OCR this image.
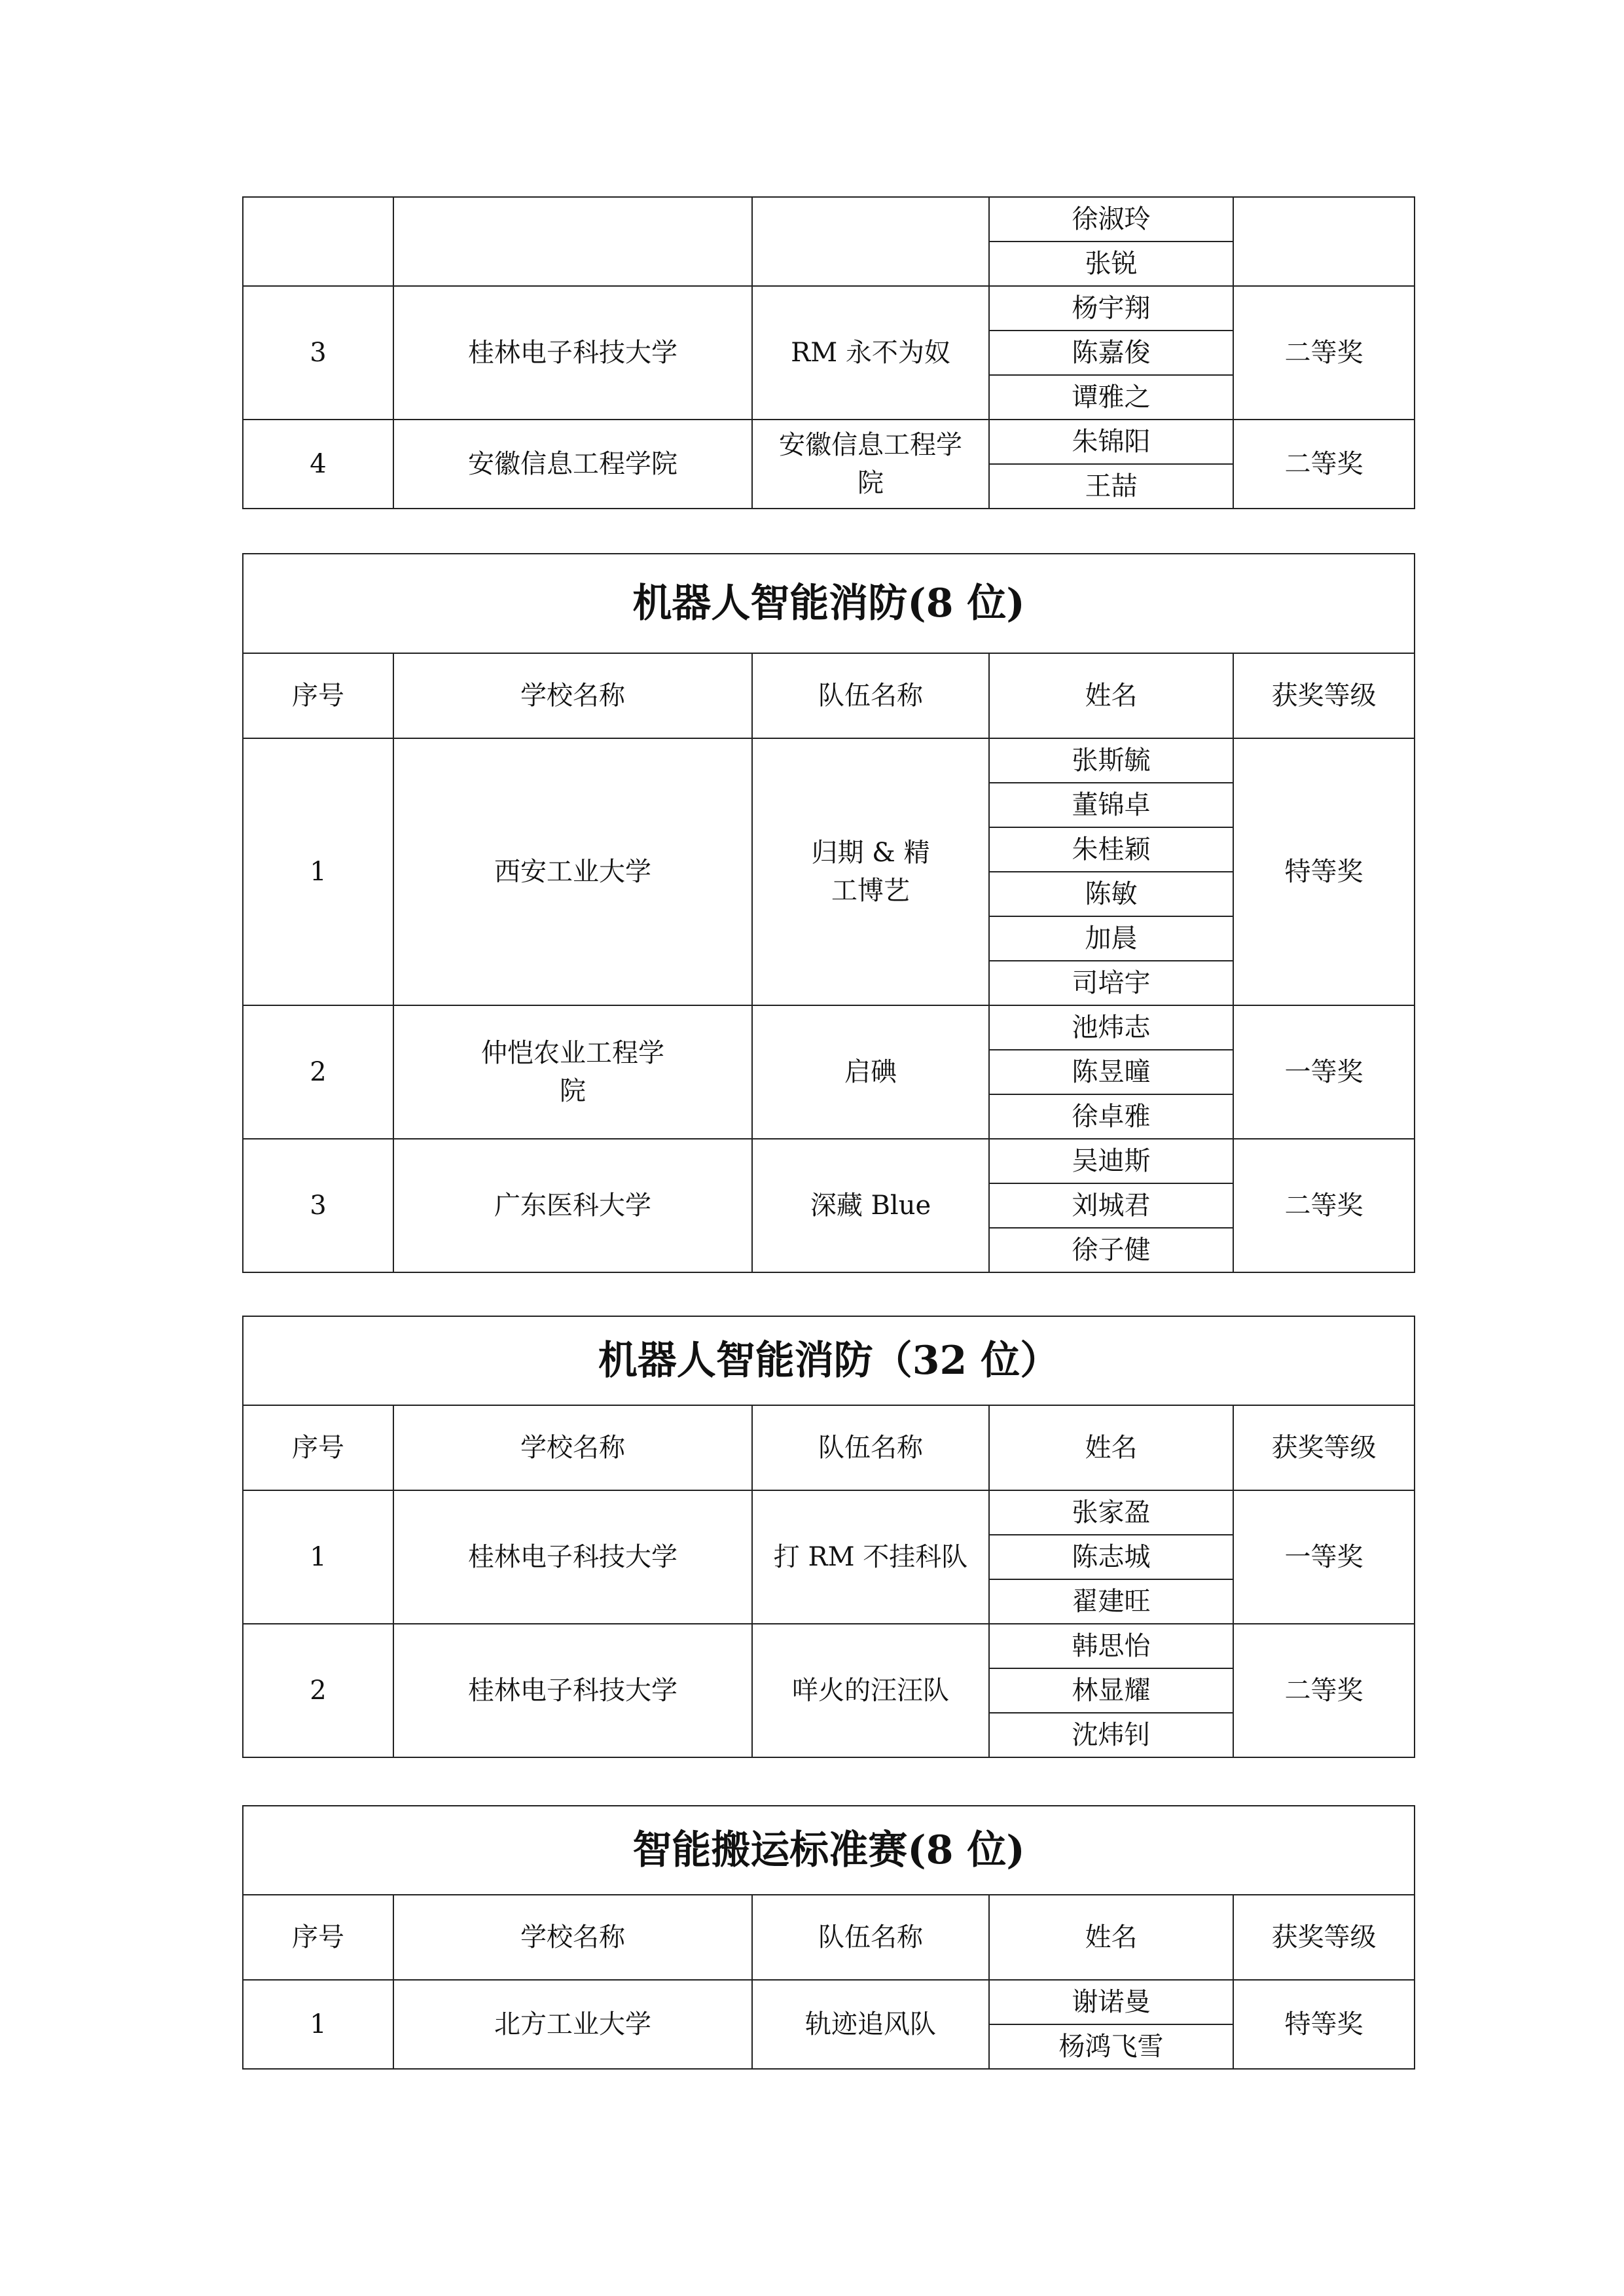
			徐淑玲	
			张锐	
3	桂林电子科技大学	RM 永不为奴	杨宇翔	二等奖
			陈嘉俊	
			谭雅之	
4	安徽信息工程学院	安徽信息工程学院	朱锦阳	二等奖
			王喆	
机器人智能消防(8 位)				
序号	学校名称	队伍名称	姓名	获奖等级
1	西安工业大学	归期 & 精工博艺	张斯毓	特等奖
			董锦卓	
			朱桂颖	
			陈敏	
			加晨	
			司培宇	
2	仲恺农业工程学院	启碘	池炜志	一等奖
			陈昱曈	
			徐卓雅	
3	广东医科大学	深藏 Blue	吴迪斯	二等奖
			刘城君	
			徐子健	
机器人智能消防（32 位）				
序号	学校名称	队伍名称	姓名	获奖等级
1	桂林电子科技大学	打 RM 不挂科队	张家盈	一等奖
			陈志城	
			翟建旺	
2	桂林电子科技大学	咩火的汪汪队	韩思怡	二等奖
			林显耀	
			沈炜钊	
智能搬运标准赛(8 位)				
序号	学校名称	队伍名称	姓名	获奖等级
1	北方工业大学	轨迹追风队	谢诺曼	特等奖
			杨鸿飞雪	
